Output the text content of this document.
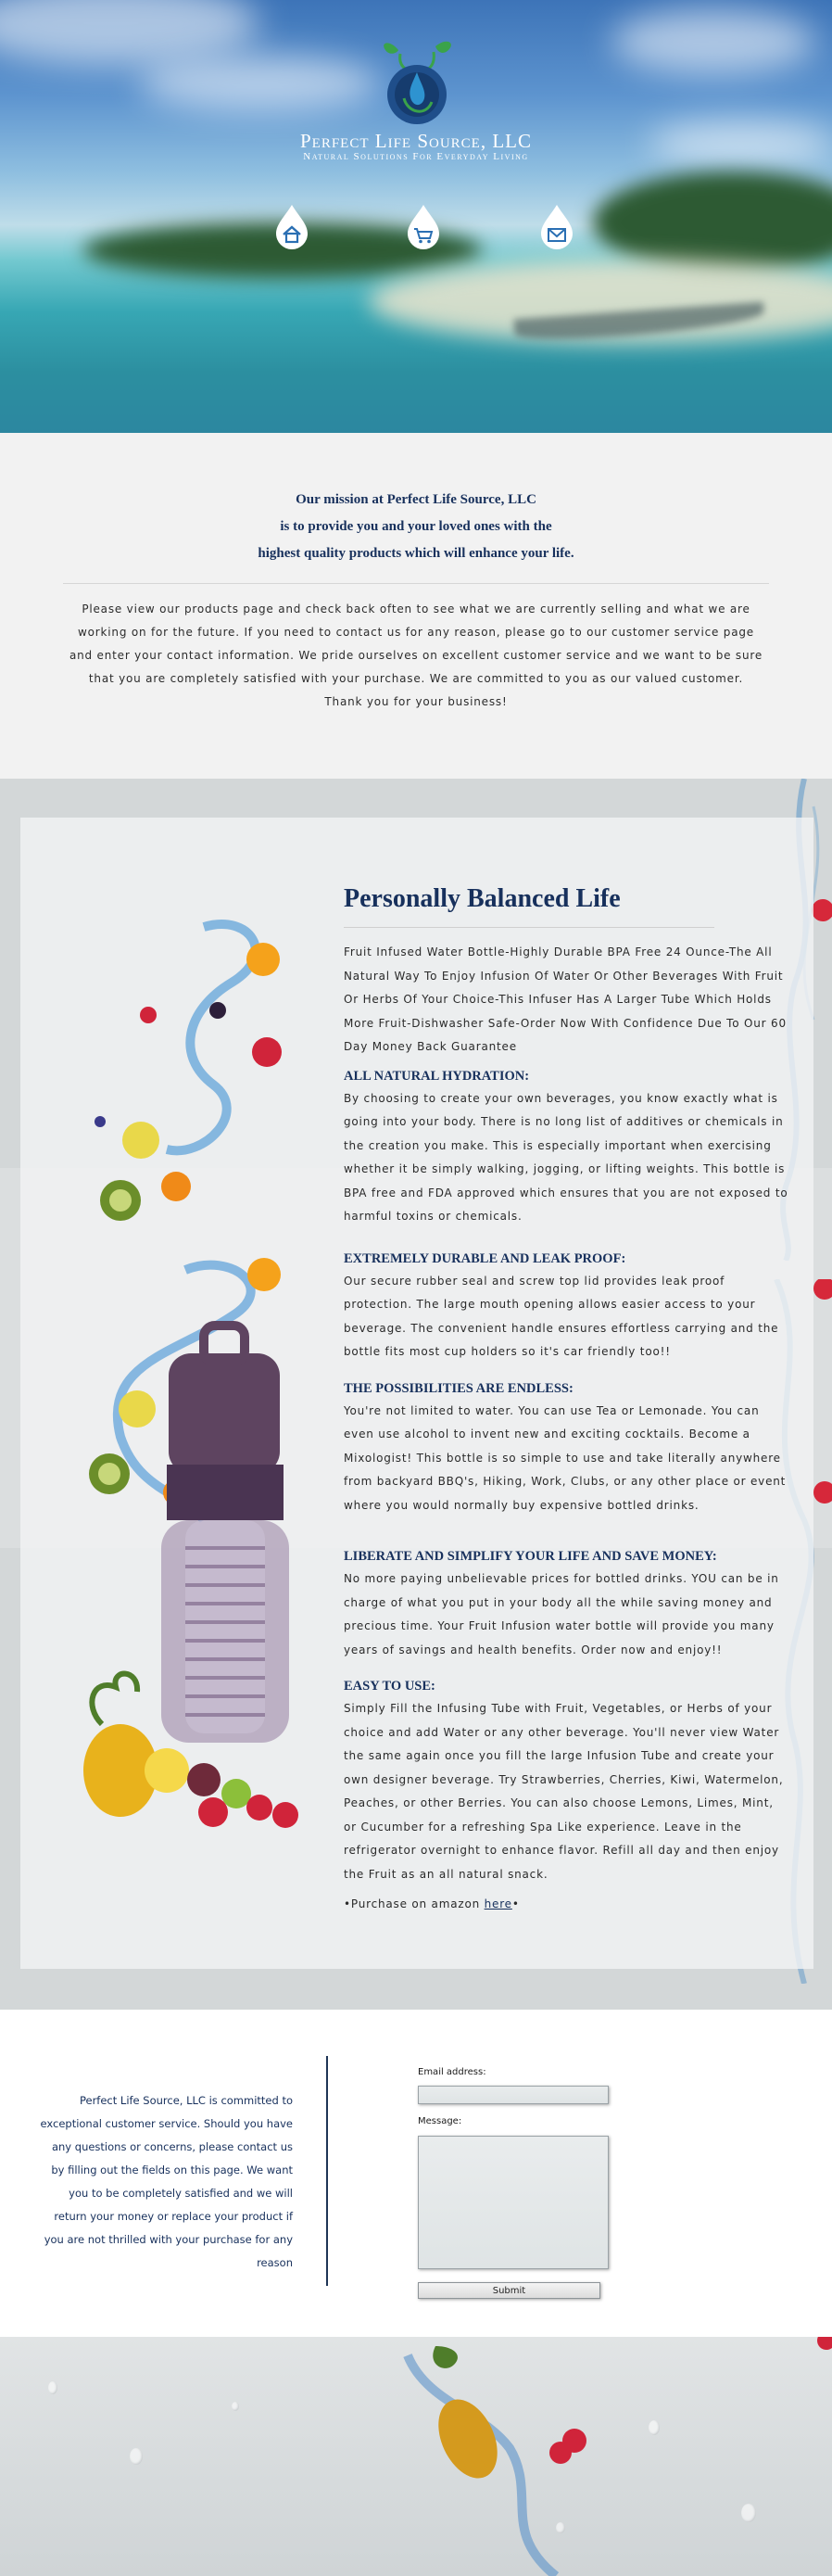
Perfect Life Source, LLC
Natural Solutions For Everyday Living
Our mission at Perfect Life Source, LLC
is to provide you and your loved ones with the
highest quality products which will enhance your life.

Please view our products page and check back often to see what we are currently selling and what we are working on for the future. If you need to contact us for any reason, please go to our customer service page and enter your contact information. We pride ourselves on excellent customer service and we want to be sure that you are completely satisfied with your purchase. We are committed to you as our valued customer.

Thank you for your business!

Personally Balanced Life

Fruit Infused Water Bottle-Highly Durable BPA Free 24 Ounce-The All Natural Way To Enjoy Infusion Of Water Or Other Beverages With Fruit Or Herbs Of Your Choice-This Infuser Has A Larger Tube Which Holds More Fruit-Dishwasher Safe-Order Now With Confidence Due To Our 60 Day Money Back Guarantee

ALL NATURAL HYDRATION:

By choosing to create your own beverages, you know exactly what is going into your body. There is no long list of additives or chemicals in the creation you make. This is especially important when exercising whether it be simply walking, jogging, or lifting weights. This bottle is BPA free and FDA approved which ensures that you are not exposed to harmful toxins or chemicals.

EXTREMELY DURABLE AND LEAK PROOF:

Our secure rubber seal and screw top lid provides leak proof protection. The large mouth opening allows easier access to your beverage. The convenient handle ensures effortless carrying and the bottle fits most cup holders so it's car friendly too!!

THE POSSIBILITIES ARE ENDLESS:

You're not limited to water. You can use Tea or Lemonade. You can even use alcohol to invent new and exciting cocktails. Become a Mixologist! This bottle is so simple to use and take literally anywhere from backyard BBQ's, Hiking, Work, Clubs, or any other place or event where you would normally buy expensive bottled drinks.

LIBERATE AND SIMPLIFY YOUR LIFE AND SAVE MONEY:

No more paying unbelievable prices for bottled drinks. YOU can be in charge of what you put in your body all the while saving money and precious time. Your Fruit Infusion water bottle will provide you many years of savings and health benefits. Order now and enjoy!!

EASY TO USE:

Simply Fill the Infusing Tube with Fruit, Vegetables, or Herbs of your choice and add Water or any other beverage. You'll never view Water the same again once you fill the large Infusion Tube and create your own designer beverage. Try Strawberries, Cherries, Kiwi, Watermelon, Peaches, or other Berries. You can also choose Lemons, Limes, Mint, or Cucumber for a refreshing Spa Like experience. Leave in the refrigerator overnight to enhance flavor. Refill all day and then enjoy the Fruit as an all natural snack.

•Purchase on amazon here•

Perfect Life Source, LLC is committed to exceptional customer service. Should you have any questions or concerns, please contact us by filling out the fields on this page. We want you to be completely satisfied and we will return your money or replace your product if you are not thrilled with your purchase for any reason

Email address:
Message:
Submit
